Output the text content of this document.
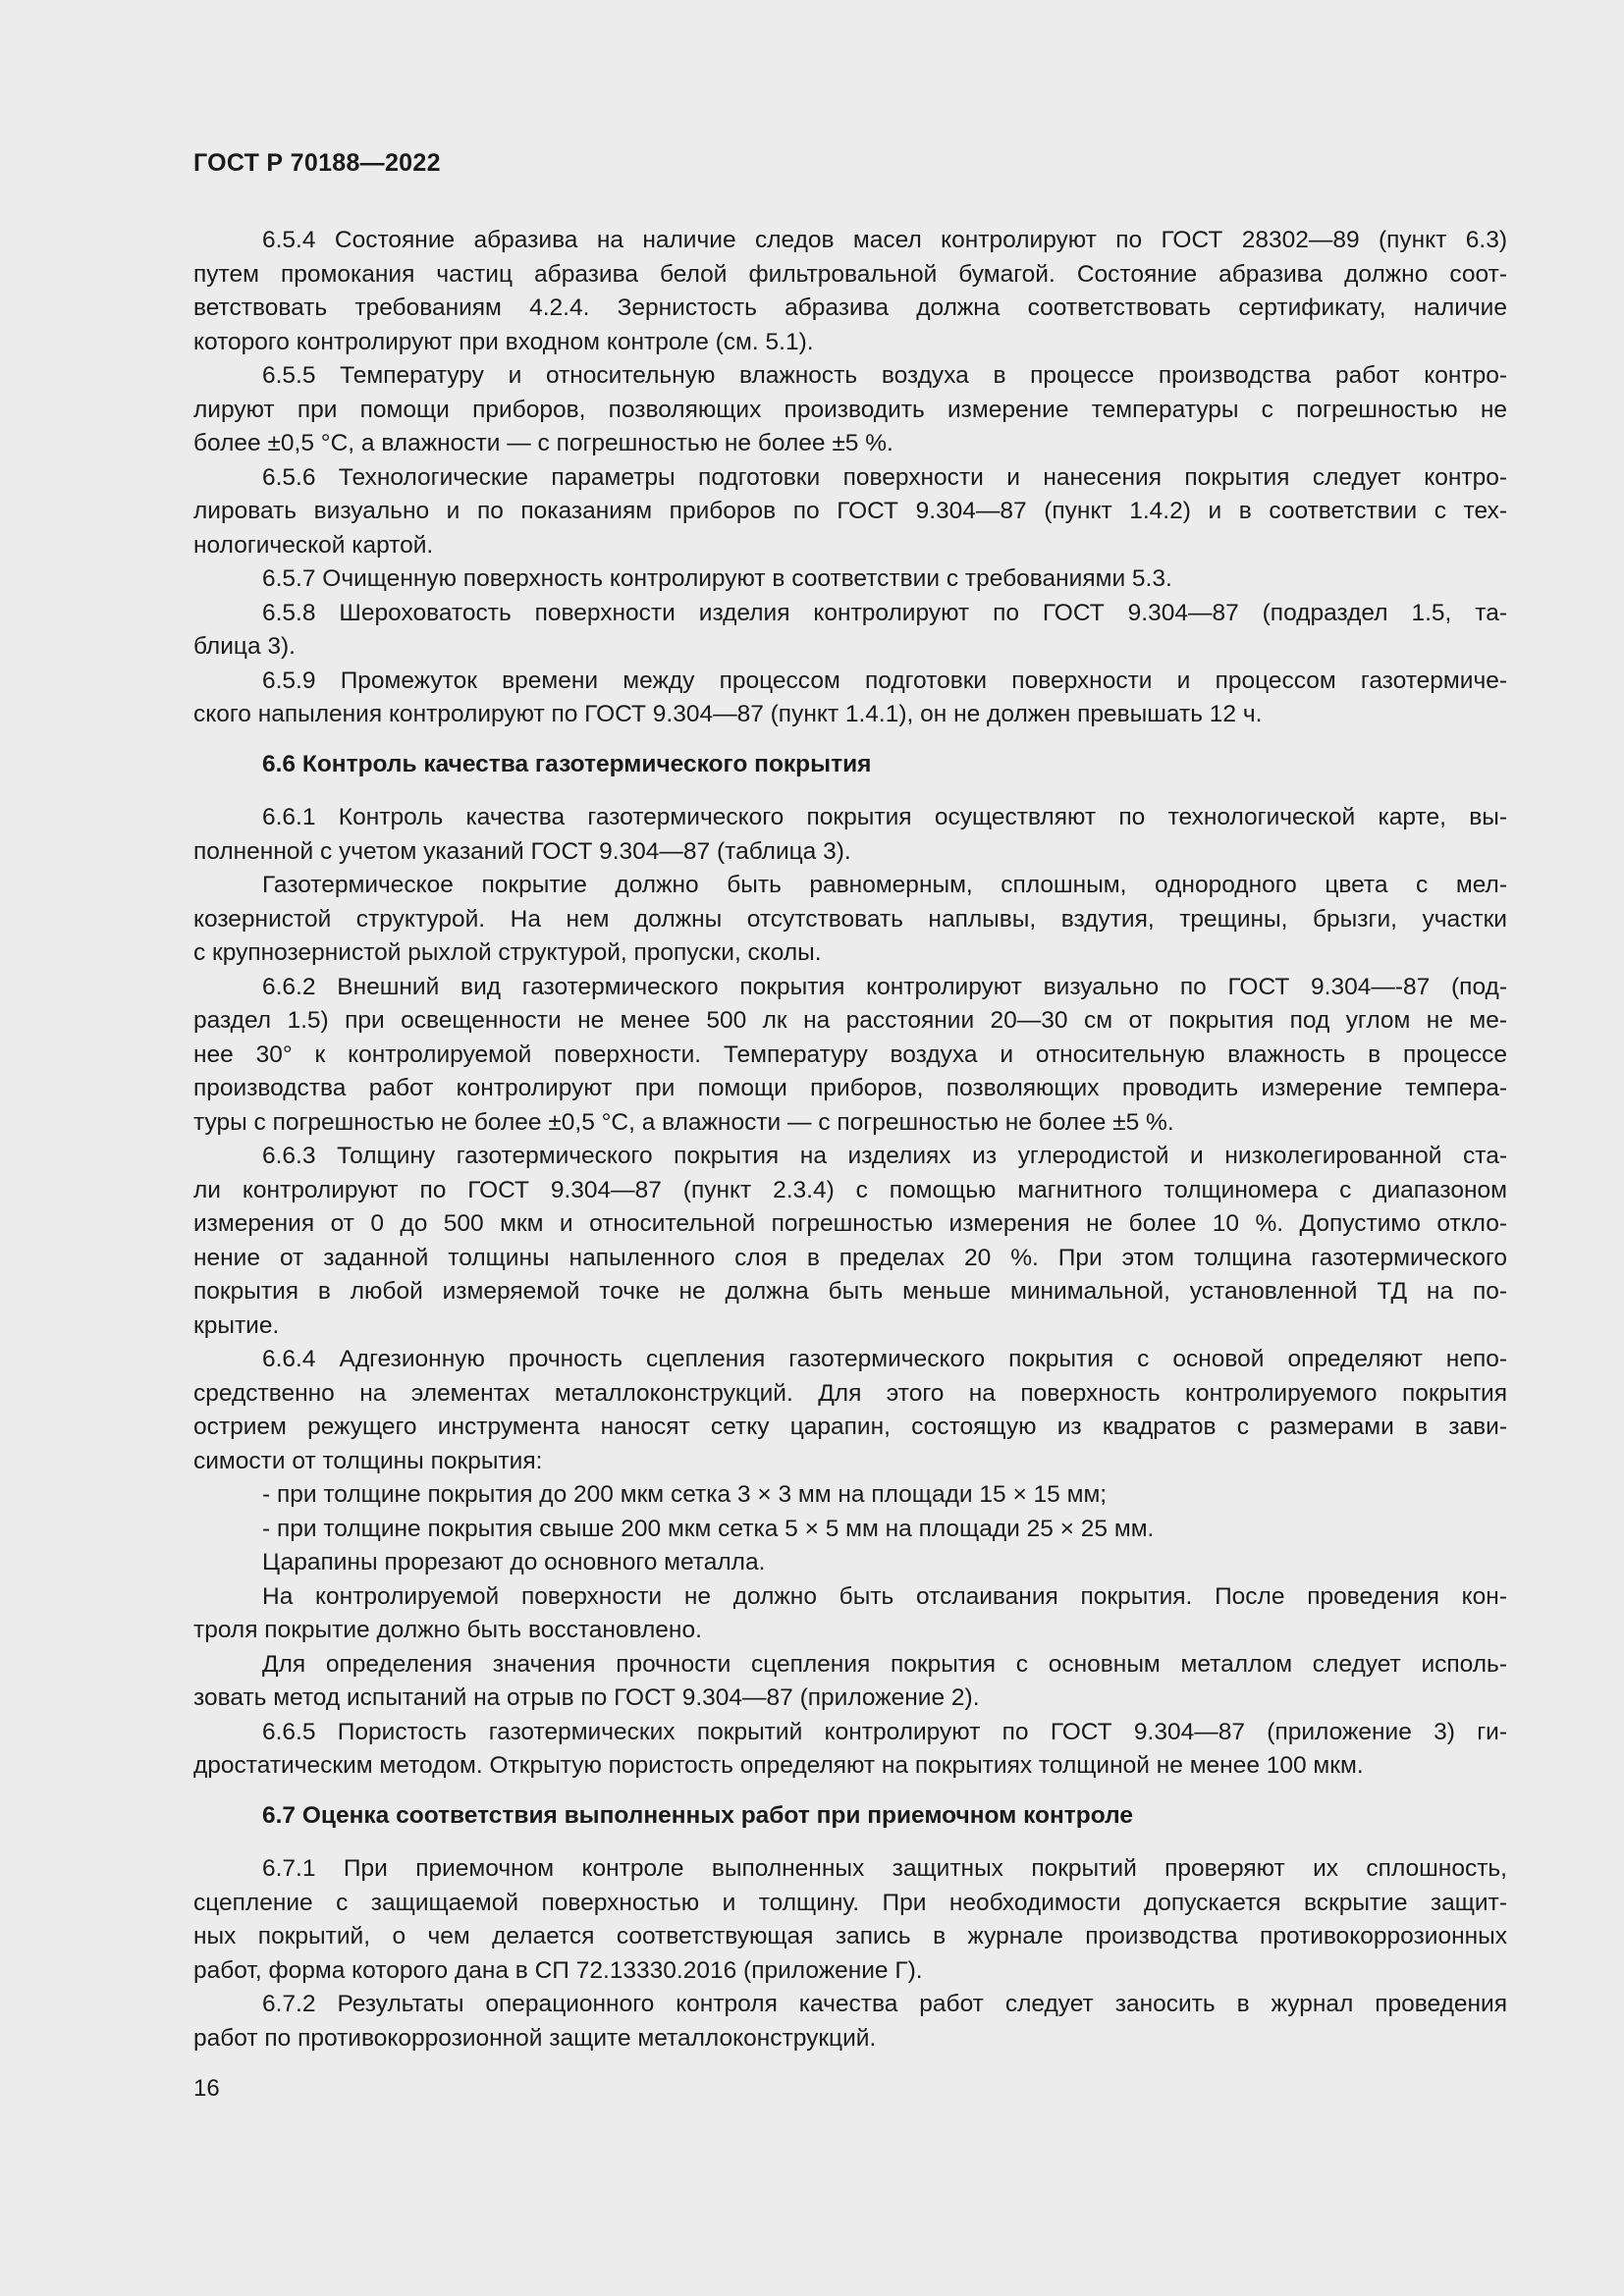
ГОСТ Р 70188—2022
6.5.4 Состояние абразива на наличие следов масел контролируют по ГОСТ 28302—89 (пункт 6.3)
путем промокания частиц абразива белой фильтровальной бумагой. Состояние абразива должно соот-
ветствовать требованиям 4.2.4. Зернистость абразива должна соответствовать сертификату, наличие
которого контролируют при входном контроле (см. 5.1).
6.5.5 Температуру и относительную влажность воздуха в процессе производства работ контро-
лируют при помощи приборов, позволяющих производить измерение температуры с погрешностью не
более ±0,5 °С, а влажности — с погрешностью не более ±5 %.
6.5.6 Технологические параметры подготовки поверхности и нанесения покрытия следует контро-
лировать визуально и по показаниям приборов по ГОСТ 9.304—87 (пункт 1.4.2) и в соответствии с тех-
нологической картой.
6.5.7 Очищенную поверхность контролируют в соответствии с требованиями 5.3.
6.5.8 Шероховатость поверхности изделия контролируют по ГОСТ 9.304—87 (подраздел 1.5, та-
блица 3).
6.5.9 Промежуток времени между процессом подготовки поверхности и процессом газотермиче-
ского напыления контролируют по ГОСТ 9.304—87 (пункт 1.4.1), он не должен превышать 12 ч.
6.6 Контроль качества газотермического покрытия
6.6.1 Контроль качества газотермического покрытия осуществляют по технологической карте, вы-
полненной с учетом указаний ГОСТ 9.304—87 (таблица 3).
Газотермическое покрытие должно быть равномерным, сплошным, однородного цвета с мел-
козернистой структурой. На нем должны отсутствовать наплывы, вздутия, трещины, брызги, участки
с крупнозернистой рыхлой структурой, пропуски, сколы.
6.6.2 Внешний вид газотермического покрытия контролируют визуально по ГОСТ 9.304—-87 (под-
раздел 1.5) при освещенности не менее 500 лк на расстоянии 20—30 см от покрытия под углом не ме-
нее 30° к контролируемой поверхности. Температуру воздуха и относительную влажность в процессе
производства работ контролируют при помощи приборов, позволяющих проводить измерение темпера-
туры с погрешностью не более ±0,5 °С, а влажности — с погрешностью не более ±5 %.
6.6.3 Толщину газотермического покрытия на изделиях из углеродистой и низколегированной ста-
ли контролируют по ГОСТ 9.304—87 (пункт 2.3.4) с помощью магнитного толщиномера с диапазоном
измерения от 0 до 500 мкм и относительной погрешностью измерения не более 10 %. Допустимо откло-
нение от заданной толщины напыленного слоя в пределах 20 %. При этом толщина газотермического
покрытия в любой измеряемой точке не должна быть меньше минимальной, установленной ТД на по-
крытие.
6.6.4 Адгезионную прочность сцепления газотермического покрытия с основой определяют непо-
средственно на элементах металлоконструкций. Для этого на поверхность контролируемого покрытия
острием режущего инструмента наносят сетку царапин, состоящую из квадратов с размерами в зави-
симости от толщины покрытия:
- при толщине покрытия до 200 мкм сетка 3 × 3 мм на площади 15 × 15 мм;
- при толщине покрытия свыше 200 мкм сетка 5 × 5 мм на площади 25 × 25 мм.
Царапины прорезают до основного металла.
На контролируемой поверхности не должно быть отслаивания покрытия. После проведения кон-
троля покрытие должно быть восстановлено.
Для определения значения прочности сцепления покрытия с основным металлом следует исполь-
зовать метод испытаний на отрыв по ГОСТ 9.304—87 (приложение 2).
6.6.5 Пористость газотермических покрытий контролируют по ГОСТ 9.304—87 (приложение 3) ги-
дростатическим методом. Открытую пористость определяют на покрытиях толщиной не менее 100 мкм.
6.7 Оценка соответствия выполненных работ при приемочном контроле
6.7.1 При приемочном контроле выполненных защитных покрытий проверяют их сплошность,
сцепление с защищаемой поверхностью и толщину. При необходимости допускается вскрытие защит-
ных покрытий, о чем делается соответствующая запись в журнале производства противокоррозионных
работ, форма которого дана в СП 72.13330.2016 (приложение Г).
6.7.2 Результаты операционного контроля качества работ следует заносить в журнал проведения
работ по противокоррозионной защите металлоконструкций.
16
